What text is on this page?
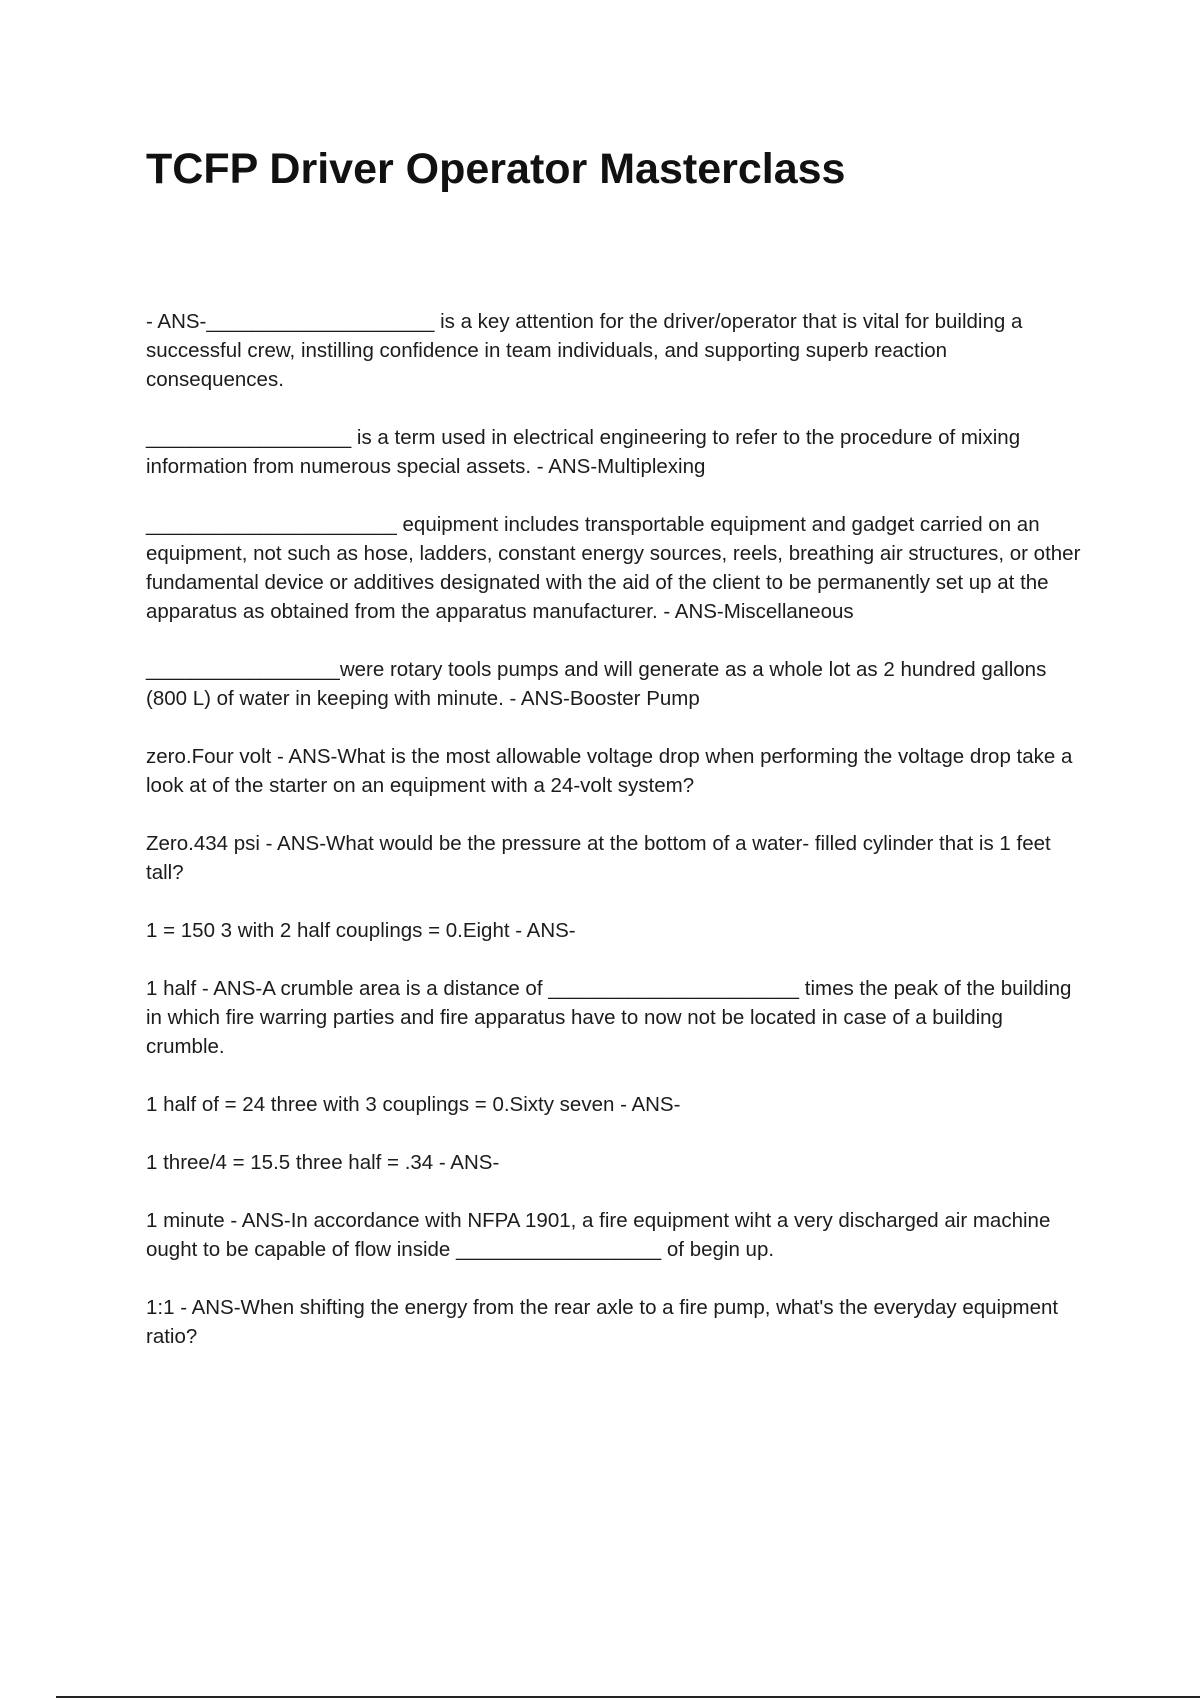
TCFP Driver Operator Masterclass

- ANS-____________________ is a key attention for the driver/operator that is vital for building a successful crew, instilling confidence in team individuals, and supporting superb reaction consequences.

__________________ is a term used in electrical engineering to refer to the procedure of mixing information from numerous special assets. - ANS-Multiplexing

______________________ equipment includes transportable equipment and gadget carried on an equipment, not such as hose, ladders, constant energy sources, reels, breathing air structures, or other fundamental device or additives designated with the aid of the client to be permanently set up at the apparatus as obtained from the apparatus manufacturer. - ANS-Miscellaneous

_________________were rotary tools pumps and will generate as a whole lot as 2 hundred gallons (800 L) of water in keeping with minute. - ANS-Booster Pump

zero.Four volt - ANS-What is the most allowable voltage drop when performing the voltage drop take a look at of the starter on an equipment with a 24-volt system?

Zero.434 psi - ANS-What would be the pressure at the bottom of a water- filled cylinder that is 1 feet tall?

1 = 150 3 with 2 half couplings = 0.Eight - ANS-

1 half - ANS-A crumble area is a distance of ______________________ times the peak of the building in which fire warring parties and fire apparatus have to now not be located in case of a building crumble.

1 half of = 24 three with 3 couplings = 0.Sixty seven - ANS-

1 three/4 = 15.5 three half = .34 - ANS-

1 minute - ANS-In accordance with NFPA 1901, a fire equipment wiht a very discharged air machine ought to be capable of flow inside __________________ of begin up.

1:1 - ANS-When shifting the energy from the rear axle to a fire pump, what's the everyday equipment ratio?
